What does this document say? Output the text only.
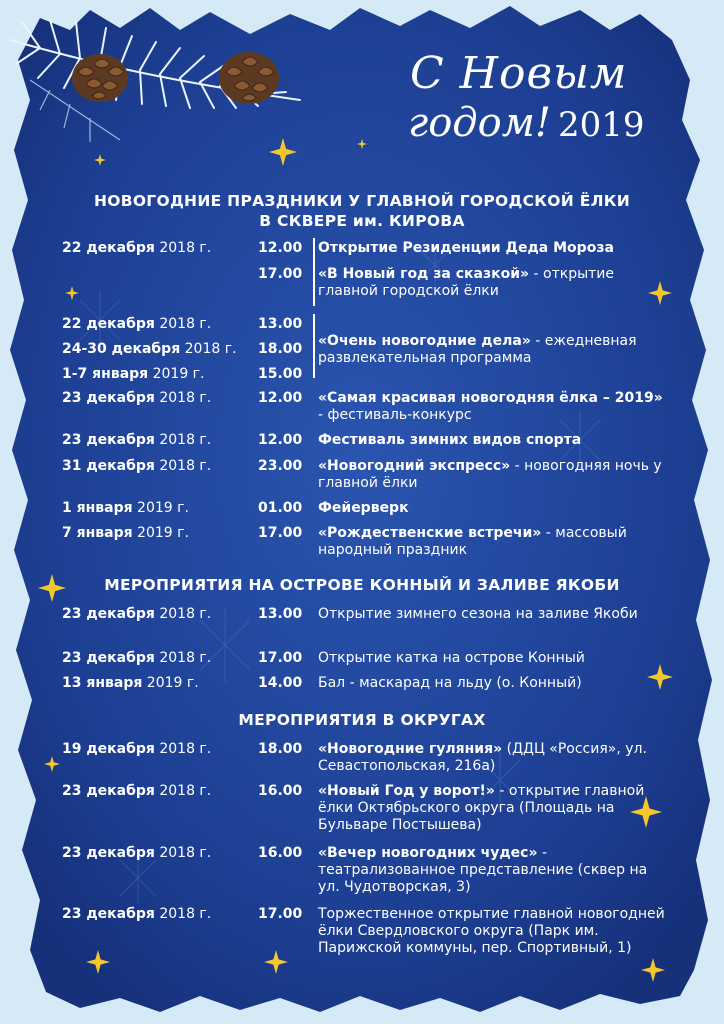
С Новым
годом! 2019
НОВОГОДНИЕ ПРАЗДНИКИ У ГЛАВНОЙ ГОРОДСКОЙ ЁЛКИ
В СКВЕРЕ им. КИРОВА
22 декабря 2018 г.	12.00 Открытие Резиденции Деда Мороза
17.00 «В Новый год за сказкой» - открытие главной городской ёлки
22 декабря 2018 г.	13.00
24-30 декабря 2018 г. 18.00 «Очень новогодние дела» - ежедневная развлекательная программа
1-7 января 2019 г.	15.00
23 декабря 2018 г.	12.00 «Самая красивая новогодняя ёлка – 2019» - фестиваль-конкурс
23 декабря 2018 г.	12.00 Фестиваль зимних видов спорта
31 декабря 2018 г.	23.00 «Новогодний экспресс» - новогодняя ночь у главной ёлки
1 января 2019 г.	01.00 Фейерверк
7 января 2019 г.	17.00 «Рождественские встречи» - массовый народный праздник
МЕРОПРИЯТИЯ НА ОСТРОВЕ КОННЫЙ И ЗАЛИВЕ ЯКОБИ
23 декабря 2018 г.	13.00 Открытие зимнего сезона на заливе Якоби
23 декабря 2018 г.	17.00 Открытие катка на острове Конный
13 января 2019 г.	14.00 Бал - маскарад на льду (о. Конный)
МЕРОПРИЯТИЯ В ОКРУГАХ
19 декабря 2018 г.	18.00 «Новогодние гуляния» (ДДЦ «Россия», ул. Севастопольская, 216а)
23 декабря 2018 г.	16.00 «Новый Год у ворот!» - открытие главной ёлки Октябрьского округа (Площадь на Бульваре Постышева)
23 декабря 2018 г.	16.00 «Вечер новогодних чудес» - театрализованное представление (сквер на ул. Чудотворская, 3)
23 декабря 2018 г.	17.00 Торжественное открытие главной новогодней ёлки Свердловского округа (Парк им. Парижской коммуны, пер. Спортивный, 1)
